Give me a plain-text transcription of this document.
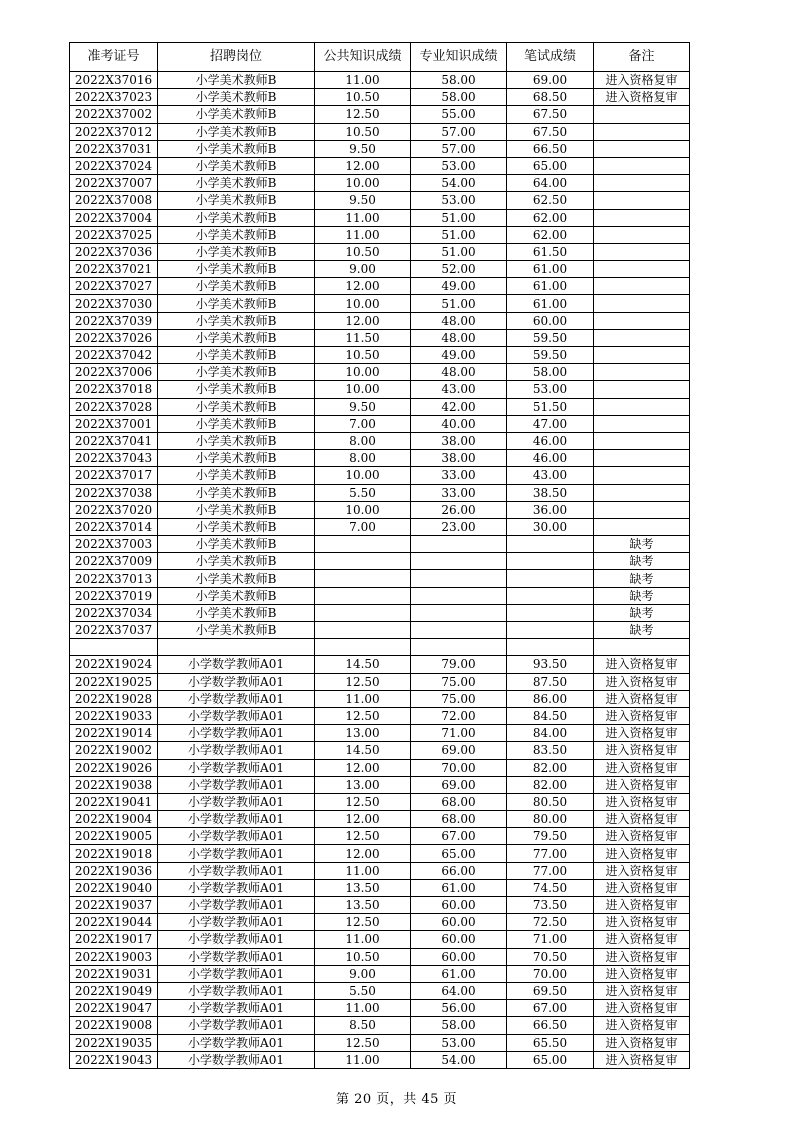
准考证号	招聘岗位	公共知识成绩	专业知识成绩	笔试成绩	备注
2022X37016	小学美术教师B	11.00	58.00	69.00	进入资格复审
2022X37023	小学美术教师B	10.50	58.00	68.50	进入资格复审
2022X37002	小学美术教师B	12.50	55.00	67.50	
2022X37012	小学美术教师B	10.50	57.00	67.50	
2022X37031	小学美术教师B	9.50	57.00	66.50	
2022X37024	小学美术教师B	12.00	53.00	65.00	
2022X37007	小学美术教师B	10.00	54.00	64.00	
2022X37008	小学美术教师B	9.50	53.00	62.50	
2022X37004	小学美术教师B	11.00	51.00	62.00	
2022X37025	小学美术教师B	11.00	51.00	62.00	
2022X37036	小学美术教师B	10.50	51.00	61.50	
2022X37021	小学美术教师B	9.00	52.00	61.00	
2022X37027	小学美术教师B	12.00	49.00	61.00	
2022X37030	小学美术教师B	10.00	51.00	61.00	
2022X37039	小学美术教师B	12.00	48.00	60.00	
2022X37026	小学美术教师B	11.50	48.00	59.50	
2022X37042	小学美术教师B	10.50	49.00	59.50	
2022X37006	小学美术教师B	10.00	48.00	58.00	
2022X37018	小学美术教师B	10.00	43.00	53.00	
2022X37028	小学美术教师B	9.50	42.00	51.50	
2022X37001	小学美术教师B	7.00	40.00	47.00	
2022X37041	小学美术教师B	8.00	38.00	46.00	
2022X37043	小学美术教师B	8.00	38.00	46.00	
2022X37017	小学美术教师B	10.00	33.00	43.00	
2022X37038	小学美术教师B	5.50	33.00	38.50	
2022X37020	小学美术教师B	10.00	26.00	36.00	
2022X37014	小学美术教师B	7.00	23.00	30.00	
2022X37003	小学美术教师B				缺考
2022X37009	小学美术教师B				缺考
2022X37013	小学美术教师B				缺考
2022X37019	小学美术教师B				缺考
2022X37034	小学美术教师B				缺考
2022X37037	小学美术教师B				缺考

2022X19024	小学数学教师A01	14.50	79.00	93.50	进入资格复审
2022X19025	小学数学教师A01	12.50	75.00	87.50	进入资格复审
2022X19028	小学数学教师A01	11.00	75.00	86.00	进入资格复审
2022X19033	小学数学教师A01	12.50	72.00	84.50	进入资格复审
2022X19014	小学数学教师A01	13.00	71.00	84.00	进入资格复审
2022X19002	小学数学教师A01	14.50	69.00	83.50	进入资格复审
2022X19026	小学数学教师A01	12.00	70.00	82.00	进入资格复审
2022X19038	小学数学教师A01	13.00	69.00	82.00	进入资格复审
2022X19041	小学数学教师A01	12.50	68.00	80.50	进入资格复审
2022X19004	小学数学教师A01	12.00	68.00	80.00	进入资格复审
2022X19005	小学数学教师A01	12.50	67.00	79.50	进入资格复审
2022X19018	小学数学教师A01	12.00	65.00	77.00	进入资格复审
2022X19036	小学数学教师A01	11.00	66.00	77.00	进入资格复审
2022X19040	小学数学教师A01	13.50	61.00	74.50	进入资格复审
2022X19037	小学数学教师A01	13.50	60.00	73.50	进入资格复审
2022X19044	小学数学教师A01	12.50	60.00	72.50	进入资格复审
2022X19017	小学数学教师A01	11.00	60.00	71.00	进入资格复审
2022X19003	小学数学教师A01	10.50	60.00	70.50	进入资格复审
2022X19031	小学数学教师A01	9.00	61.00	70.00	进入资格复审
2022X19049	小学数学教师A01	5.50	64.00	69.50	进入资格复审
2022X19047	小学数学教师A01	11.00	56.00	67.00	进入资格复审
2022X19008	小学数学教师A01	8.50	58.00	66.50	进入资格复审
2022X19035	小学数学教师A01	12.50	53.00	65.50	进入资格复审
2022X19043	小学数学教师A01	11.00	54.00	65.00	进入资格复审
第 20 页，共 45 页
